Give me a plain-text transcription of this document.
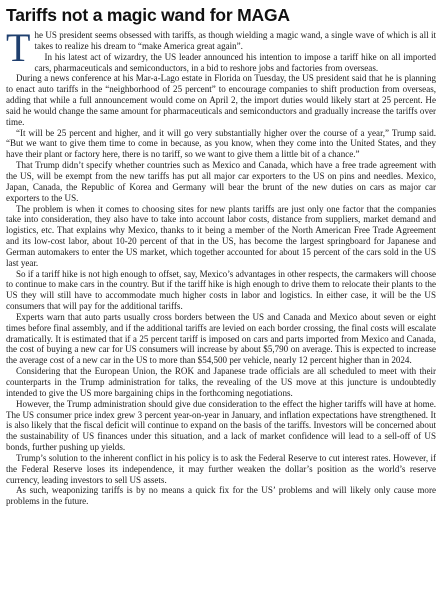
Tariffs not a magic wand for MAGA

The US president seems obsessed with tariffs, as though wielding a magic wand, a single wave of which is all it takes to realize his dream to “make America great again”.

In his latest act of wizardry, the US leader announced his intention to impose a tariff hike on all imported cars, pharmaceuticals and semiconductors, in a bid to reshore jobs and factories from overseas.

During a news conference at his Mar-a-Lago estate in Florida on Tuesday, the US president said that he is planning to enact auto tariffs in the “neighborhood of 25 percent” to encourage companies to shift production from overseas, adding that while a full announcement would come on April 2, the import duties would likely start at 25 percent. He said he would change the same amount for pharmaceuticals and semiconductors and gradually increase the tariffs over time.

“It will be 25 percent and higher, and it will go very substantially higher over the course of a year,” Trump said. “But we want to give them time to come in because, as you know, when they come into the United States, and they have their plant or factory here, there is no tariff, so we want to give them a little bit of a chance.”

That Trump didn’t specify whether countries such as Mexico and Canada, which have a free trade agreement with the US, will be exempt from the new tariffs has put all major car exporters to the US on pins and needles. Mexico, Japan, Canada, the Republic of Korea and Germany will bear the brunt of the new duties on cars as major car exporters to the US.

The problem is when it comes to choosing sites for new plants tariffs are just only one factor that the companies take into consideration, they also have to take into account labor costs, distance from suppliers, market demand and logistics, etc. That explains why Mexico, thanks to it being a member of the North American Free Trade Agreement and its low-cost labor, about 10-20 percent of that in the US, has become the largest springboard for Japanese and German automakers to enter the US market, which together accounted for about 15 percent of the cars sold in the US last year.

So if a tariff hike is not high enough to offset, say, Mexico’s advantages in other respects, the carmakers will choose to continue to make cars in the country. But if the tariff hike is high enough to drive them to relocate their plants to the US they will still have to accommodate much higher costs in labor and logistics. In either case, it will be the US consumers that will pay for the additional tariffs.

Experts warn that auto parts usually cross borders between the US and Canada and Mexico about seven or eight times before final assembly, and if the additional tariffs are levied on each border crossing, the final costs will escalate dramatically. It is estimated that if a 25 percent tariff is imposed on cars and parts imported from Mexico and Canada, the cost of buying a new car for US consumers will increase by about $5,790 on average. This is expected to increase the average cost of a new car in the US to more than $54,500 per vehicle, nearly 12 percent higher than in 2024.

Considering that the European Union, the ROK and Japanese trade officials are all scheduled to meet with their counterparts in the Trump administration for talks, the revealing of the US move at this juncture is undoubtedly intended to give the US more bargaining chips in the forthcoming negotiations.

However, the Trump administration should give due consideration to the effect the higher tariffs will have at home. The US consumer price index grew 3 percent year-on-year in January, and inflation expectations have strengthened. It is also likely that the fiscal deficit will continue to expand on the basis of the tariffs. Investors will be concerned about the sustainability of US finances under this situation, and a lack of market confidence will lead to a sell-off of US bonds, further pushing up yields.

Trump’s solution to the inherent conflict in his policy is to ask the Federal Reserve to cut interest rates. However, if the Federal Reserve loses its independence, it may further weaken the dollar’s position as the world’s reserve currency, leading investors to sell US assets.

As such, weaponizing tariffs is by no means a quick fix for the US’ problems and will likely only cause more problems in the future.
